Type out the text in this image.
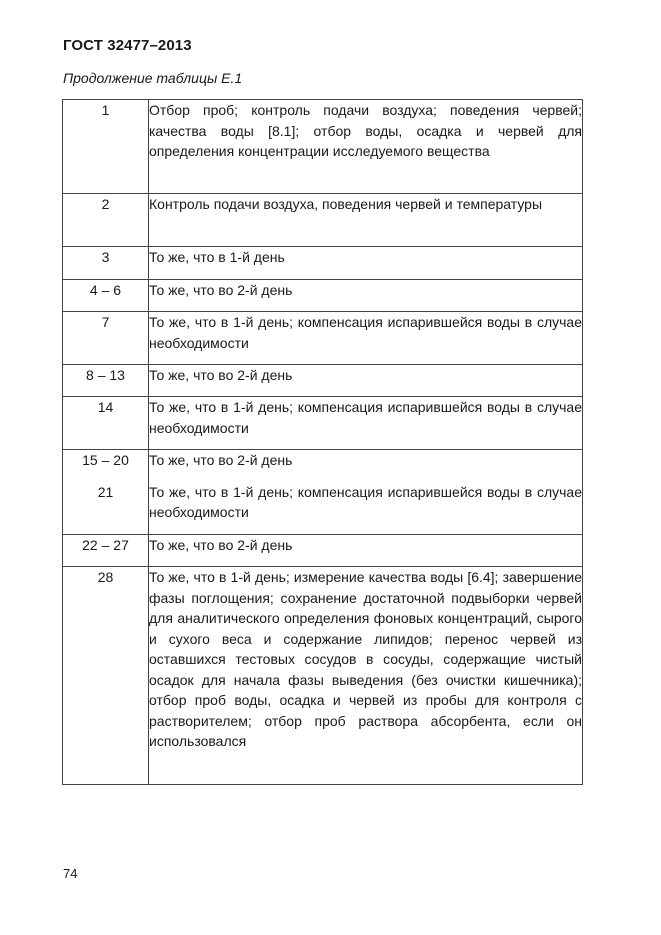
ГОСТ 32477–2013
Продолжение таблицы Е.1
1	Отбор проб; контроль подачи воздуха; поведения червей; качества воды [8.1]; отбор воды, осадка и червей для определения концентрации исследуемого вещества
2	Контроль подачи воздуха, поведения червей и температуры
3	То же, что в 1-й день
4 – 6	То же, что во 2-й день
7	То же, что в 1-й день; компенсация испарившейся воды в случае необходимости
8 – 13	То же, что во 2-й день
14	То же, что в 1-й день; компенсация испарившейся воды в случае необходимости
15 – 20	То же, что во 2-й день
21	То же, что в 1-й день; компенсация испарившейся воды в случае необходимости
22 – 27	То же, что во 2-й день
28	То же, что в 1-й день; измерение качества воды [6.4]; завершение фазы поглощения; сохранение достаточной подвыборки червей для аналитического определения фоновых концентраций, сырого и сухого веса и содержание липидов; перенос червей из оставшихся тестовых сосудов в сосуды, содержащие чистый осадок для начала фазы выведения (без очистки кишечника); отбор проб воды, осадка и червей из пробы для контроля с растворителем; отбор проб раствора абсорбента, если он использовался
74
